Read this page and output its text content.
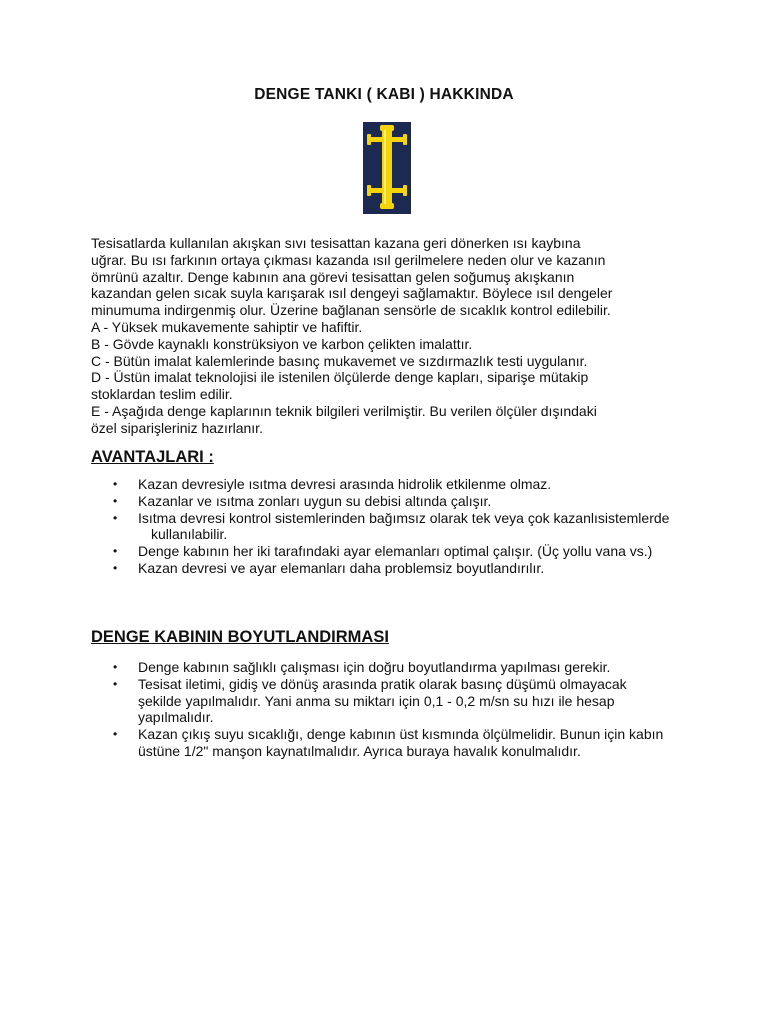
DENGE TANKI ( KABI ) HAKKINDA

Tesisatlarda kullanılan akışkan sıvı tesisattan kazana geri dönerken ısı kaybına

uğrar. Bu ısı farkının ortaya çıkması kazanda ısıl gerilmelere neden olur ve kazanın

ömrünü azaltır. Denge kabının ana görevi tesisattan gelen soğumuş akışkanın

kazandan gelen sıcak suyla karışarak ısıl dengeyi sağlamaktır. Böylece ısıl dengeler

minumuma indirgenmiş olur. Üzerine bağlanan sensörle de sıcaklık kontrol edilebilir.

A - Yüksek mukavemente sahiptir ve hafiftir.

B - Gövde kaynaklı konstrüksiyon ve karbon çelikten imalattır.

C - Bütün imalat kalemlerinde basınç mukavemet ve sızdırmazlık testi uygulanır.

D - Üstün imalat teknolojisi ile istenilen ölçülerde denge kapları, siparişe mütakip

stoklardan teslim edilir.

E - Aşağıda denge kaplarının teknik bilgileri verilmiştir. Bu verilen ölçüler dışındaki

özel siparişleriniz hazırlanır.

AVANTAJLARI :
• Kazan devresiyle ısıtma devresi arasında hidrolik etkilenme olmaz.
• Kazanlar ve ısıtma zonları uygun su debisi altında çalışır.
• Isıtma devresi kontrol sistemlerinden bağımsız olarak tek veya çok kazanlısistemlerde
kullanılabilir.
• Denge kabının her iki tarafındaki ayar elemanları optimal çalışır. (Üç yollu vana vs.)
• Kazan devresi ve ayar elemanları daha problemsiz boyutlandırılır.
DENGE KABININ BOYUTLANDIRMASI
• Denge kabının sağlıklı çalışması için doğru boyutlandırma yapılması gerekir.
• Tesisat iletimi, gidiş ve dönüş arasında pratik olarak basınç düşümü olmayacak şekilde yapılmalıdır. Yani anma su miktarı için 0,1 - 0,2 m/sn su hızı ile hesap yapılmalıdır.
• Kazan çıkış suyu sıcaklığı, denge kabının üst kısmında ölçülmelidir. Bunun için kabın üstüne 1/2" manşon kaynatılmalıdır. Ayrıca buraya havalık konulmalıdır.
